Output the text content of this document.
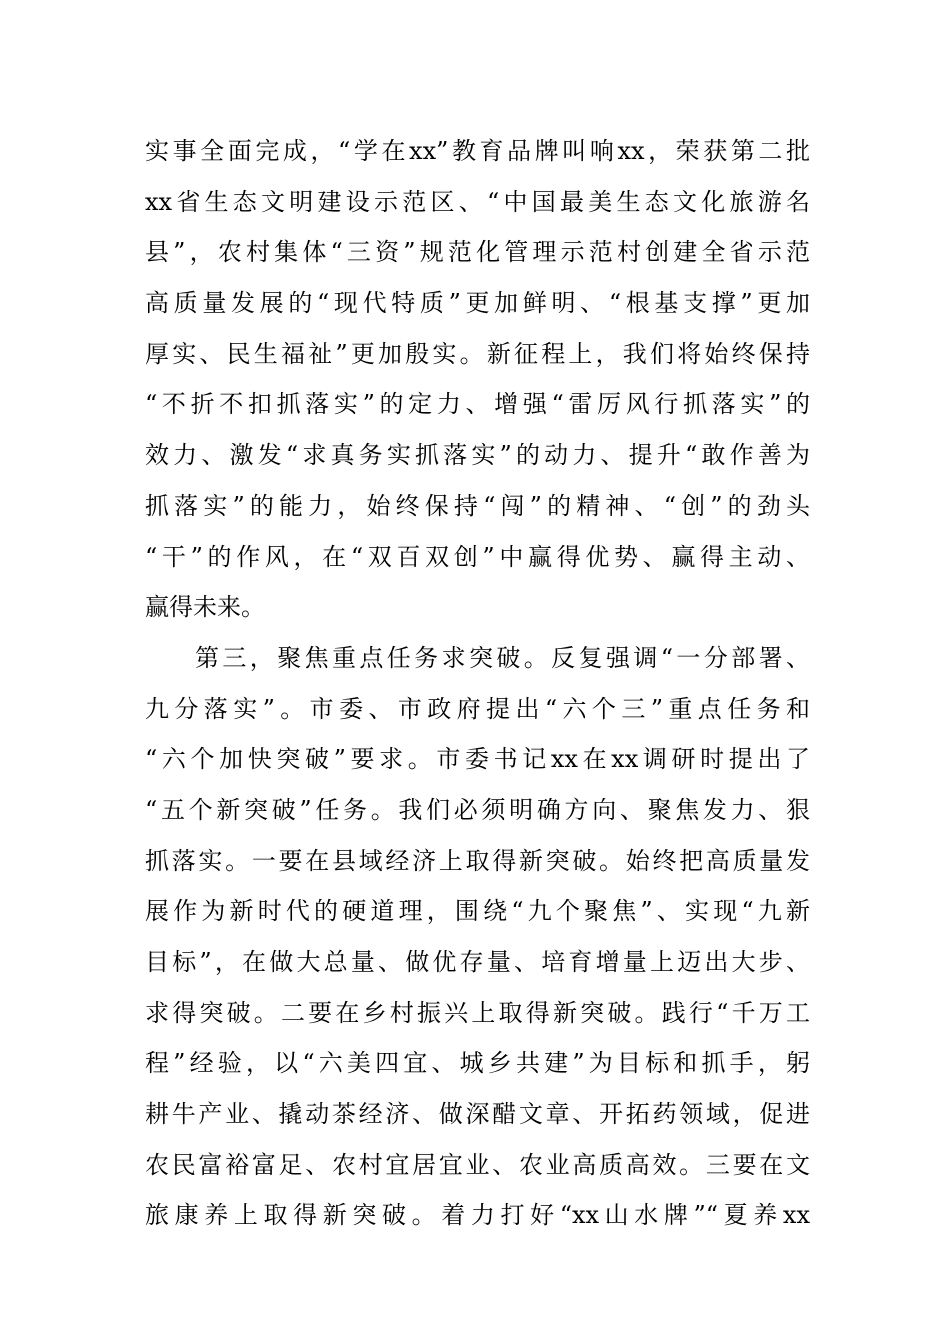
实事全面完成，“学在xx”教育品牌叫响xx，荣获第二批
xx省生态文明建设示范区、“中国最美生态文化旅游名
县”，农村集体“三资”规范化管理示范村创建全省示范
高质量发展的“现代特质”更加鲜明、“根基支撑”更加
厚实、民生福祉”更加殷实。新征程上，我们将始终保持
“不折不扣抓落实”的定力、增强“雷厉风行抓落实”的
效力、激发“求真务实抓落实”的动力、提升“敢作善为
抓落实”的能力，始终保持“闯”的精神、“创”的劲头
“干”的作风，在“双百双创”中赢得优势、赢得主动、
赢得未来。
第三，聚焦重点任务求突破。反复强调“一分部署、
九分落实”。市委、市政府提出“六个三”重点任务和
“六个加快突破”要求。市委书记xx在xx调研时提出了
“五个新突破”任务。我们必须明确方向、聚焦发力、狠
抓落实。一要在县域经济上取得新突破。始终把高质量发
展作为新时代的硬道理，围绕“九个聚焦”、实现“九新
目标”，在做大总量、做优存量、培育增量上迈出大步、
求得突破。二要在乡村振兴上取得新突破。践行“千万工
程”经验，以“六美四宜、城乡共建”为目标和抓手，躬
耕牛产业、撬动茶经济、做深醋文章、开拓药领域，促进
农民富裕富足、农村宜居宜业、农业高质高效。三要在文
旅康养上取得新突破。着力打好“xx山水牌”“夏养xx
